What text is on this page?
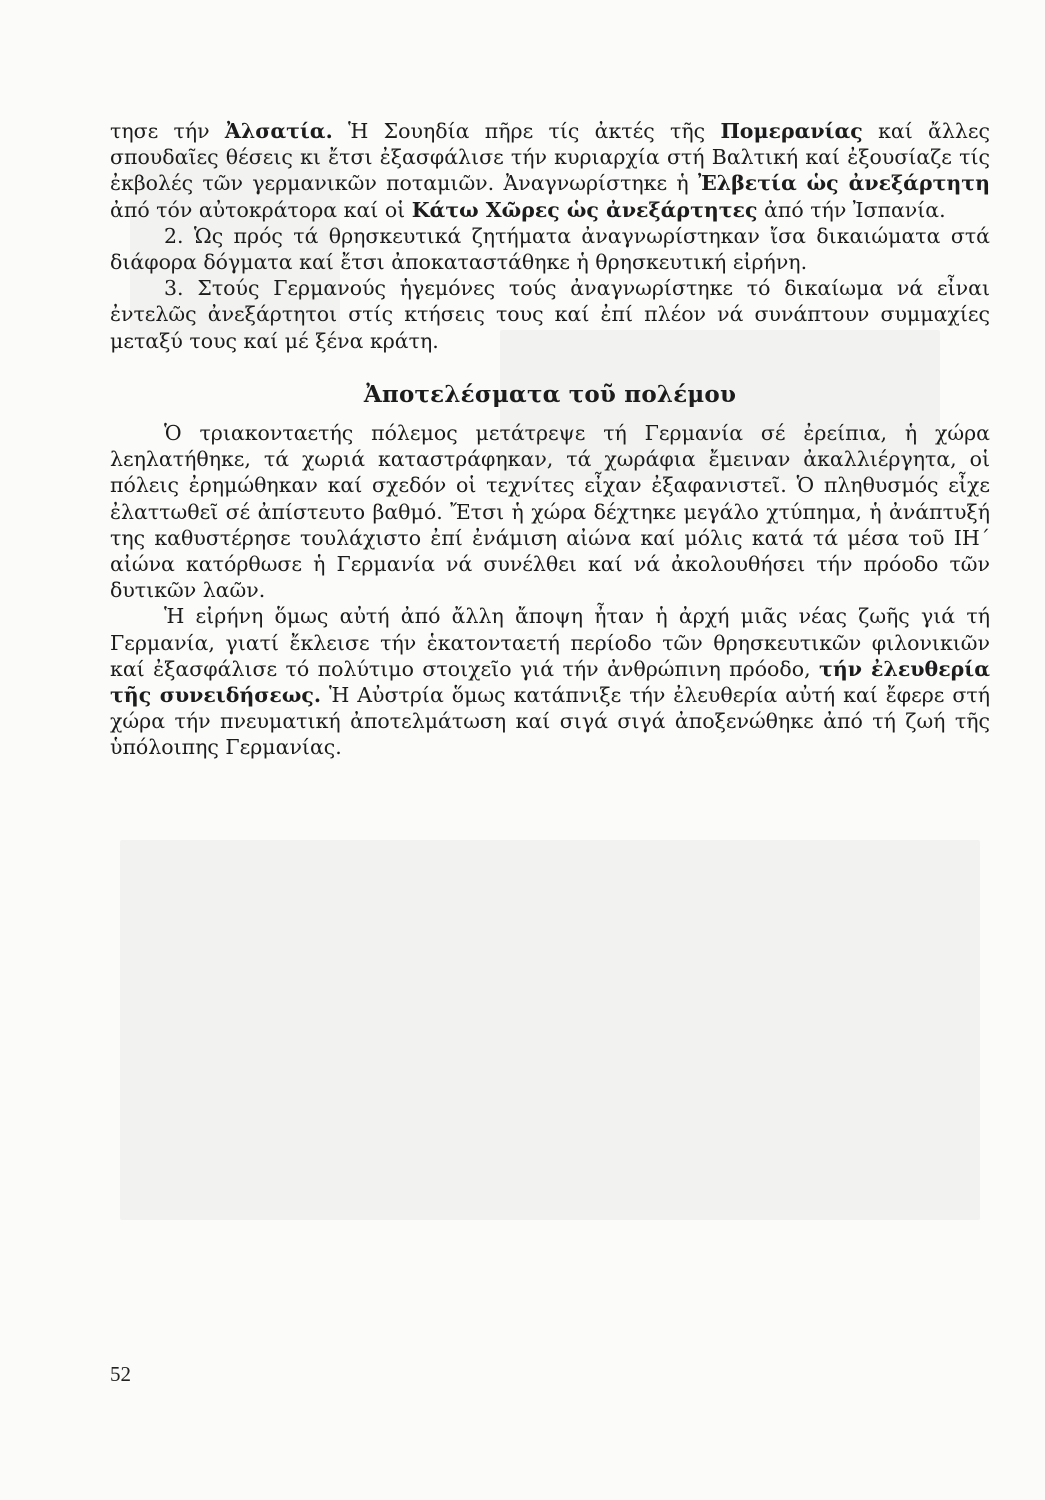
τησε τήν Ἀλσατία. Ἡ Σουηδία πῆρε τίς ἀκτές τῆς Πομερανίας καί ἄλλες σπουδαῖες θέσεις κι ἔτσι ἐξασφάλισε τήν κυριαρχία στή Βαλτική καί ἐξουσίαζε τίς ἐκβολές τῶν γερμανικῶν ποταμιῶν. Ἀναγνωρίστηκε ἡ Ἐλβετία ὡς ἀνεξάρτητη ἀπό τόν αὐτοκράτορα καί οἱ Κάτω Χῶρες ὡς ἀνεξάρτητες ἀπό τήν Ἰσπανία.

2. Ὡς πρός τά θρησκευτικά ζητήματα ἀναγνωρίστηκαν ἴσα δικαιώματα στά διάφορα δόγματα καί ἔτσι ἀποκαταστάθηκε ἡ θρησκευτική εἰρήνη.

3. Στούς Γερμανούς ἡγεμόνες τούς ἀναγνωρίστηκε τό δικαίωμα νά εἶναι ἐντελῶς ἀνεξάρτητοι στίς κτήσεις τους καί ἐπί πλέον νά συνάπτουν συμμαχίες μεταξύ τους καί μέ ξένα κράτη.

Ἀποτελέσματα τοῦ πολέμου

Ὁ τριακονταετής πόλεμος μετάτρεψε τή Γερμανία σέ ἐρείπια, ἡ χώρα λεηλατήθηκε, τά χωριά καταστράφηκαν, τά χωράφια ἔμειναν ἀκαλλιέργητα, οἱ πόλεις ἐρημώθηκαν καί σχεδόν οἱ τεχνίτες εἶχαν ἐξαφανιστεῖ. Ὁ πληθυσμός εἶχε ἐλαττωθεῖ σέ ἀπίστευτο βαθμό. Ἔτσι ἡ χώρα δέχτηκε μεγάλο χτύπημα, ἡ ἀνάπτυξή της καθυστέρησε τουλάχιστο ἐπί ἐνάμιση αἰώνα καί μόλις κατά τά μέσα τοῦ ΙΗ΄ αἰώνα κατόρθωσε ἡ Γερμανία νά συνέλθει καί νά ἀκολουθήσει τήν πρόοδο τῶν δυτικῶν λαῶν.

Ἡ εἰρήνη ὅμως αὐτή ἀπό ἄλλη ἄποψη ἦταν ἡ ἀρχή μιᾶς νέας ζωῆς γιά τή Γερμανία, γιατί ἔκλεισε τήν ἑκατονταετή περίοδο τῶν θρησκευτικῶν φιλονικιῶν καί ἐξασφάλισε τό πολύτιμο στοιχεῖο γιά τήν ἀνθρώπινη πρόοδο, τήν ἐλευθερία τῆς συνειδήσεως. Ἡ Αὐστρία ὅμως κατάπνιξε τήν ἐλευθερία αὐτή καί ἔφερε στή χώρα τήν πνευματική ἀποτελμάτωση καί σιγά σιγά ἀποξενώθηκε ἀπό τή ζωή τῆς ὑπόλοιπης Γερμανίας.

52
